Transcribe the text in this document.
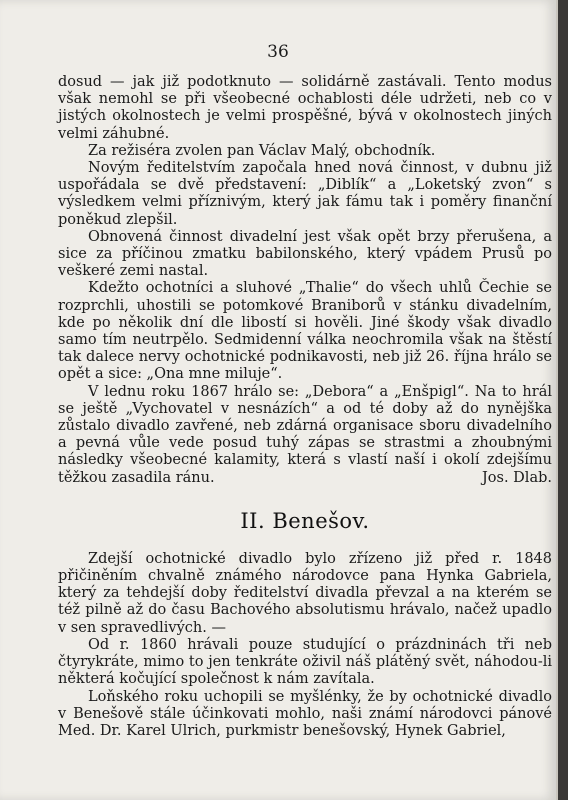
36

dosud — jak již podotknuto — solidárně zastávali. Tento modus však nemohl se při všeobecné ochablosti déle udržeti, neb co v jistých okolnostech je velmi prospěšné, bývá v okolnostech jiných velmi záhubné.

Za režiséra zvolen pan Václav Malý, obchodník.

Novým ředitelstvím započala hned nová činnost, v dubnu již uspořádala se dvě představení: „Diblík“ a „Loketský zvon“ s výsledkem velmi příznivým, který jak fámu tak i poměry finanční poněkud zlepšil.

Obnovená činnost divadelní jest však opět brzy přerušena, a sice za příčinou zmatku babilonského, který vpádem Prusů po veškeré zemi nastal.

Kdežto ochotníci a sluhové „Thalie“ do všech uhlů Čechie se rozprchli, uhostili se potomkové Braniborů v stánku divadelním, kde po několik dní dle libostí si hověli. Jiné škody však divadlo samo tím neutrpělo. Sedmidenní válka neochromila však na štěstí tak dalece nervy ochotnické podnikavosti, neb již 26. října hrálo se opět a sice: „Ona mne miluje“.

V lednu roku 1867 hrálo se: „Debora“ a „Enšpigl“. Na to hrál se ještě „Vychovatel v nesnázích“ a od té doby až do nynějška zůstalo divadlo zavřené, neb zdárná organisace sboru divadelního a pevná vůle vede posud tuhý zápas se strastmi a zhoubnými následky všeobecné kalamity, která s vlastí naší i okolí zdejšímu těžkou zasadila ránu.	Jos. Dlab.

II. Benešov.

Zdejší ochotnické divadlo bylo zřízeno již před r. 1848 přičiněním chvalně známého národovce pana Hynka Gabriela, který za tehdejší doby ředitelství divadla převzal a na kterém se též pilně až do času Bachového absolutismu hrávalo, načež upadlo v sen spravedlivých. —

Od r. 1860 hrávali pouze studující o prázdninách tři neb čtyrykráte, mimo to jen tenkráte oživil náš plátěný svět, náhodou-li některá kočující společnost k nám zavítala.

Loňského roku uchopili se myšlénky, že by ochotnické divadlo v Benešově stále účinkovati mohlo, naši známí národovci pánové Med. Dr. Karel Ulrich, purkmistr benešovský, Hynek Gabriel,
